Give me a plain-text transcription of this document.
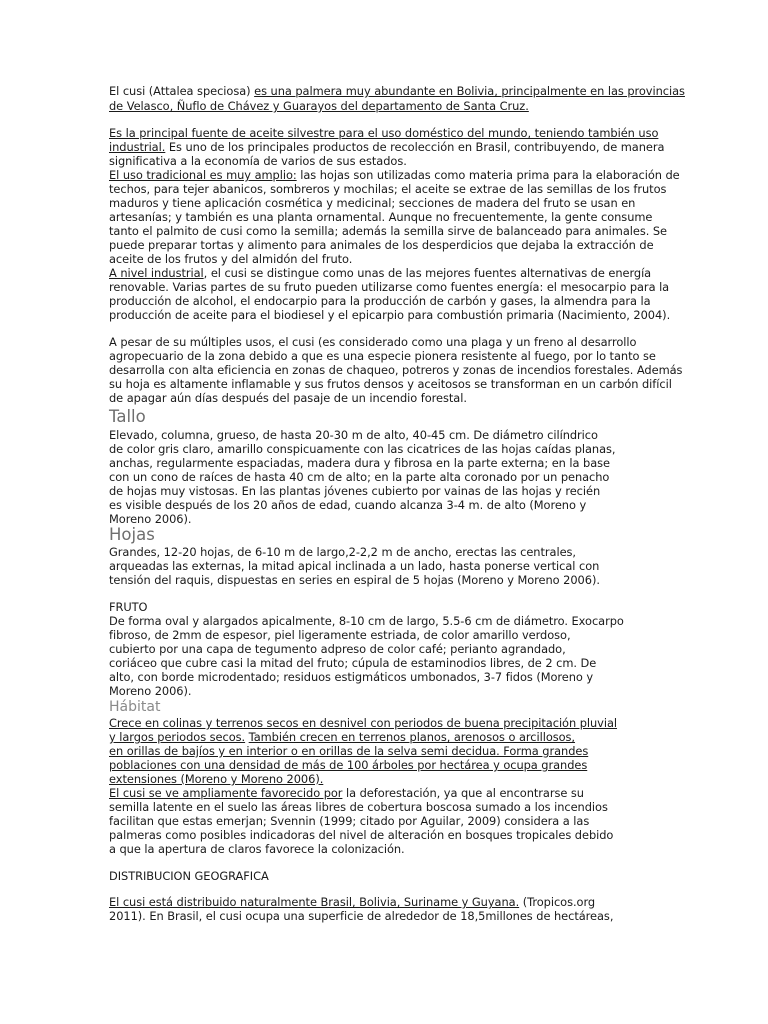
El cusi (Attalea speciosa) es una palmera muy abundante en Bolivia, principalmente en las provincias
de Velasco, Ñuflo de Chávez y Guarayos del departamento de Santa Cruz.
Es la principal fuente de aceite silvestre para el uso doméstico del mundo, teniendo también uso
industrial. Es uno de los principales productos de recolección en Brasil, contribuyendo, de manera
significativa a la economía de varios de sus estados.
El uso tradicional es muy amplio: las hojas son utilizadas como materia prima para la elaboración de
techos, para tejer abanicos, sombreros y mochilas; el aceite se extrae de las semillas de los frutos
maduros y tiene aplicación cosmética y medicinal; secciones de madera del fruto se usan en
artesanías; y también es una planta ornamental. Aunque no frecuentemente, la gente consume
tanto el palmito de cusi como la semilla; además la semilla sirve de balanceado para animales. Se
puede preparar tortas y alimento para animales de los desperdicios que dejaba la extracción de
aceite de los frutos y del almidón del fruto.
A nivel industrial, el cusi se distingue como unas de las mejores fuentes alternativas de energía
renovable. Varias partes de su fruto pueden utilizarse como fuentes energía: el mesocarpio para la
producción de alcohol, el endocarpio para la producción de carbón y gases, la almendra para la
producción de aceite para el biodiesel y el epicarpio para combustión primaria (Nacimiento, 2004).
A pesar de su múltiples usos, el cusi (es considerado como una plaga y un freno al desarrollo
agropecuario de la zona debido a que es una especie pionera resistente al fuego, por lo tanto se
desarrolla con alta eficiencia en zonas de chaqueo, potreros y zonas de incendios forestales. Además
su hoja es altamente inflamable y sus frutos densos y aceitosos se transforman en un carbón difícil
de apagar aún días después del pasaje de un incendio forestal.
Tallo
Elevado, columna, grueso, de hasta 20-30 m de alto, 40-45 cm. De diámetro cilíndrico
de color gris claro, amarillo conspicuamente con las cicatrices de las hojas caídas planas,
anchas, regularmente espaciadas, madera dura y fibrosa en la parte externa; en la base
con un cono de raíces de hasta 40 cm de alto; en la parte alta coronado por un penacho
de hojas muy vistosas. En las plantas jóvenes cubierto por vainas de las hojas y recién
es visible después de los 20 años de edad, cuando alcanza 3-4 m. de alto (Moreno y
Moreno 2006).
Hojas
Grandes, 12-20 hojas, de 6-10 m de largo,2-2,2 m de ancho, erectas las centrales,
arqueadas las externas, la mitad apical inclinada a un lado, hasta ponerse vertical con
tensión del raquis, dispuestas en series en espiral de 5 hojas (Moreno y Moreno 2006).
FRUTO
De forma oval y alargados apicalmente, 8-10 cm de largo, 5.5-6 cm de diámetro. Exocarpo
fibroso, de 2mm de espesor, piel ligeramente estriada, de color amarillo verdoso,
cubierto por una capa de tegumento adpreso de color café; perianto agrandado,
coriáceo que cubre casi la mitad del fruto; cúpula de estaminodios libres, de 2 cm. De
alto, con borde microdentado; residuos estigmáticos umbonados, 3-7 fidos (Moreno y
Moreno 2006).
Hábitat
Crece en colinas y terrenos secos en desnivel con periodos de buena precipitación pluvial
y largos periodos secos. También crecen en terrenos planos, arenosos o arcillosos,
en orillas de bajíos y en interior o en orillas de la selva semi decidua. Forma grandes
poblaciones con una densidad de más de 100 árboles por hectárea y ocupa grandes
extensiones (Moreno y Moreno 2006).
El cusi se ve ampliamente favorecido por la deforestación, ya que al encontrarse su
semilla latente en el suelo las áreas libres de cobertura boscosa sumado a los incendios
facilitan que estas emerjan; Svennin (1999; citado por Aguilar, 2009) considera a las
palmeras como posibles indicadoras del nivel de alteración en bosques tropicales debido
a que la apertura de claros favorece la colonización.
DISTRIBUCION GEOGRAFICA
El cusi está distribuido naturalmente Brasil, Bolivia, Suriname y Guyana. (Tropicos.org
2011). En Brasil, el cusi ocupa una superficie de alrededor de 18,5millones de hectáreas,
